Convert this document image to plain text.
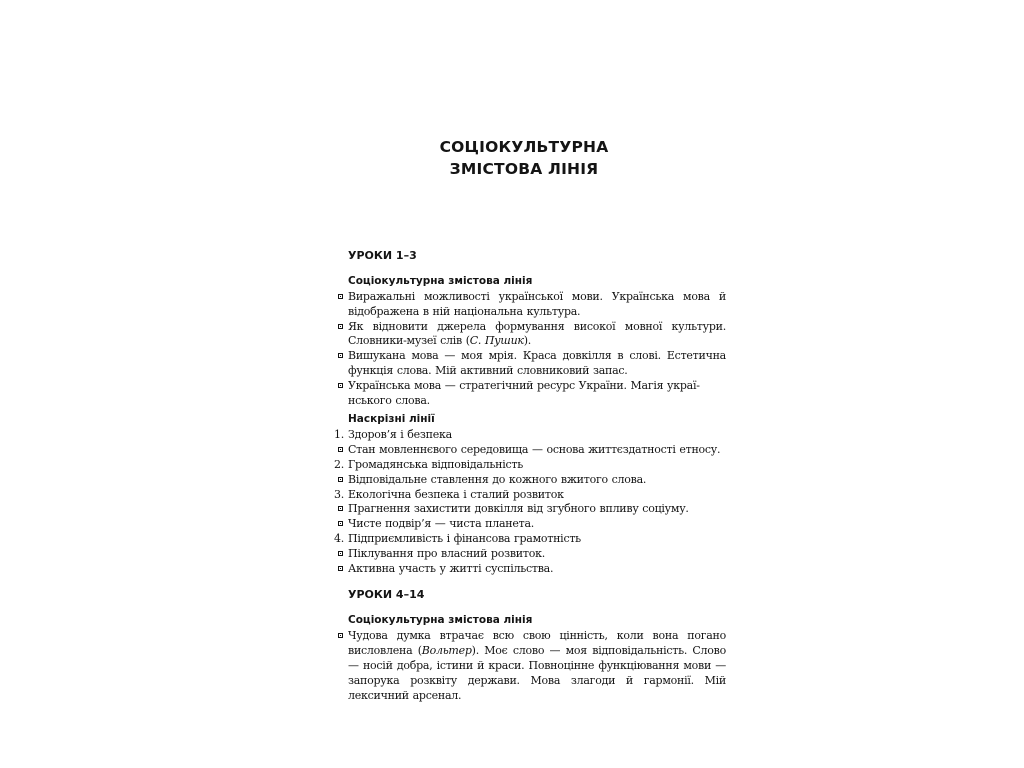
СОЦІОКУЛЬТУРНА
ЗМІСТОВА ЛІНІЯ
УРОКИ 1–3
Соціокультурна змістова лінія
Виражальні можливості української мови. Українська мова й відображена в ній національна культура.
Як відновити джерела формування високої мовної культури. Словники-музеї слів (С. Пушик).
Вишукана мова — моя мрія. Краса довкілля в слові. Естетична функція слова. Мій активний словниковий запас.
Українська мова — стратегічний ресурс України. Магія украї-
нського слова.
Наскрізні лінії
1. Здоров’я і безпека
Стан мовленнєвого середовища — основа життєздатності етносу.
2. Громадянська відповідальність
Відповідальне ставлення до кожного вжитого слова.
3. Екологічна безпека і сталий розвиток
Прагнення захистити довкілля від згубного впливу соціуму.
Чисте подвір’я — чиста планета.
4. Підприємливість і фінансова грамотність
Піклування про власний розвиток.
Активна участь у житті суспільства.
УРОКИ 4–14
Соціокультурна змістова лінія
Чудова думка втрачає всю свою цінність, коли вона погано висловлена (Вольтер). Моє слово — моя відповідальність. Слово — носій добра, істини й краси. Повноцінне функціювання мови — запорука розквіту держави. Мова злагоди й гармонії. Мій лексичний арсенал.
